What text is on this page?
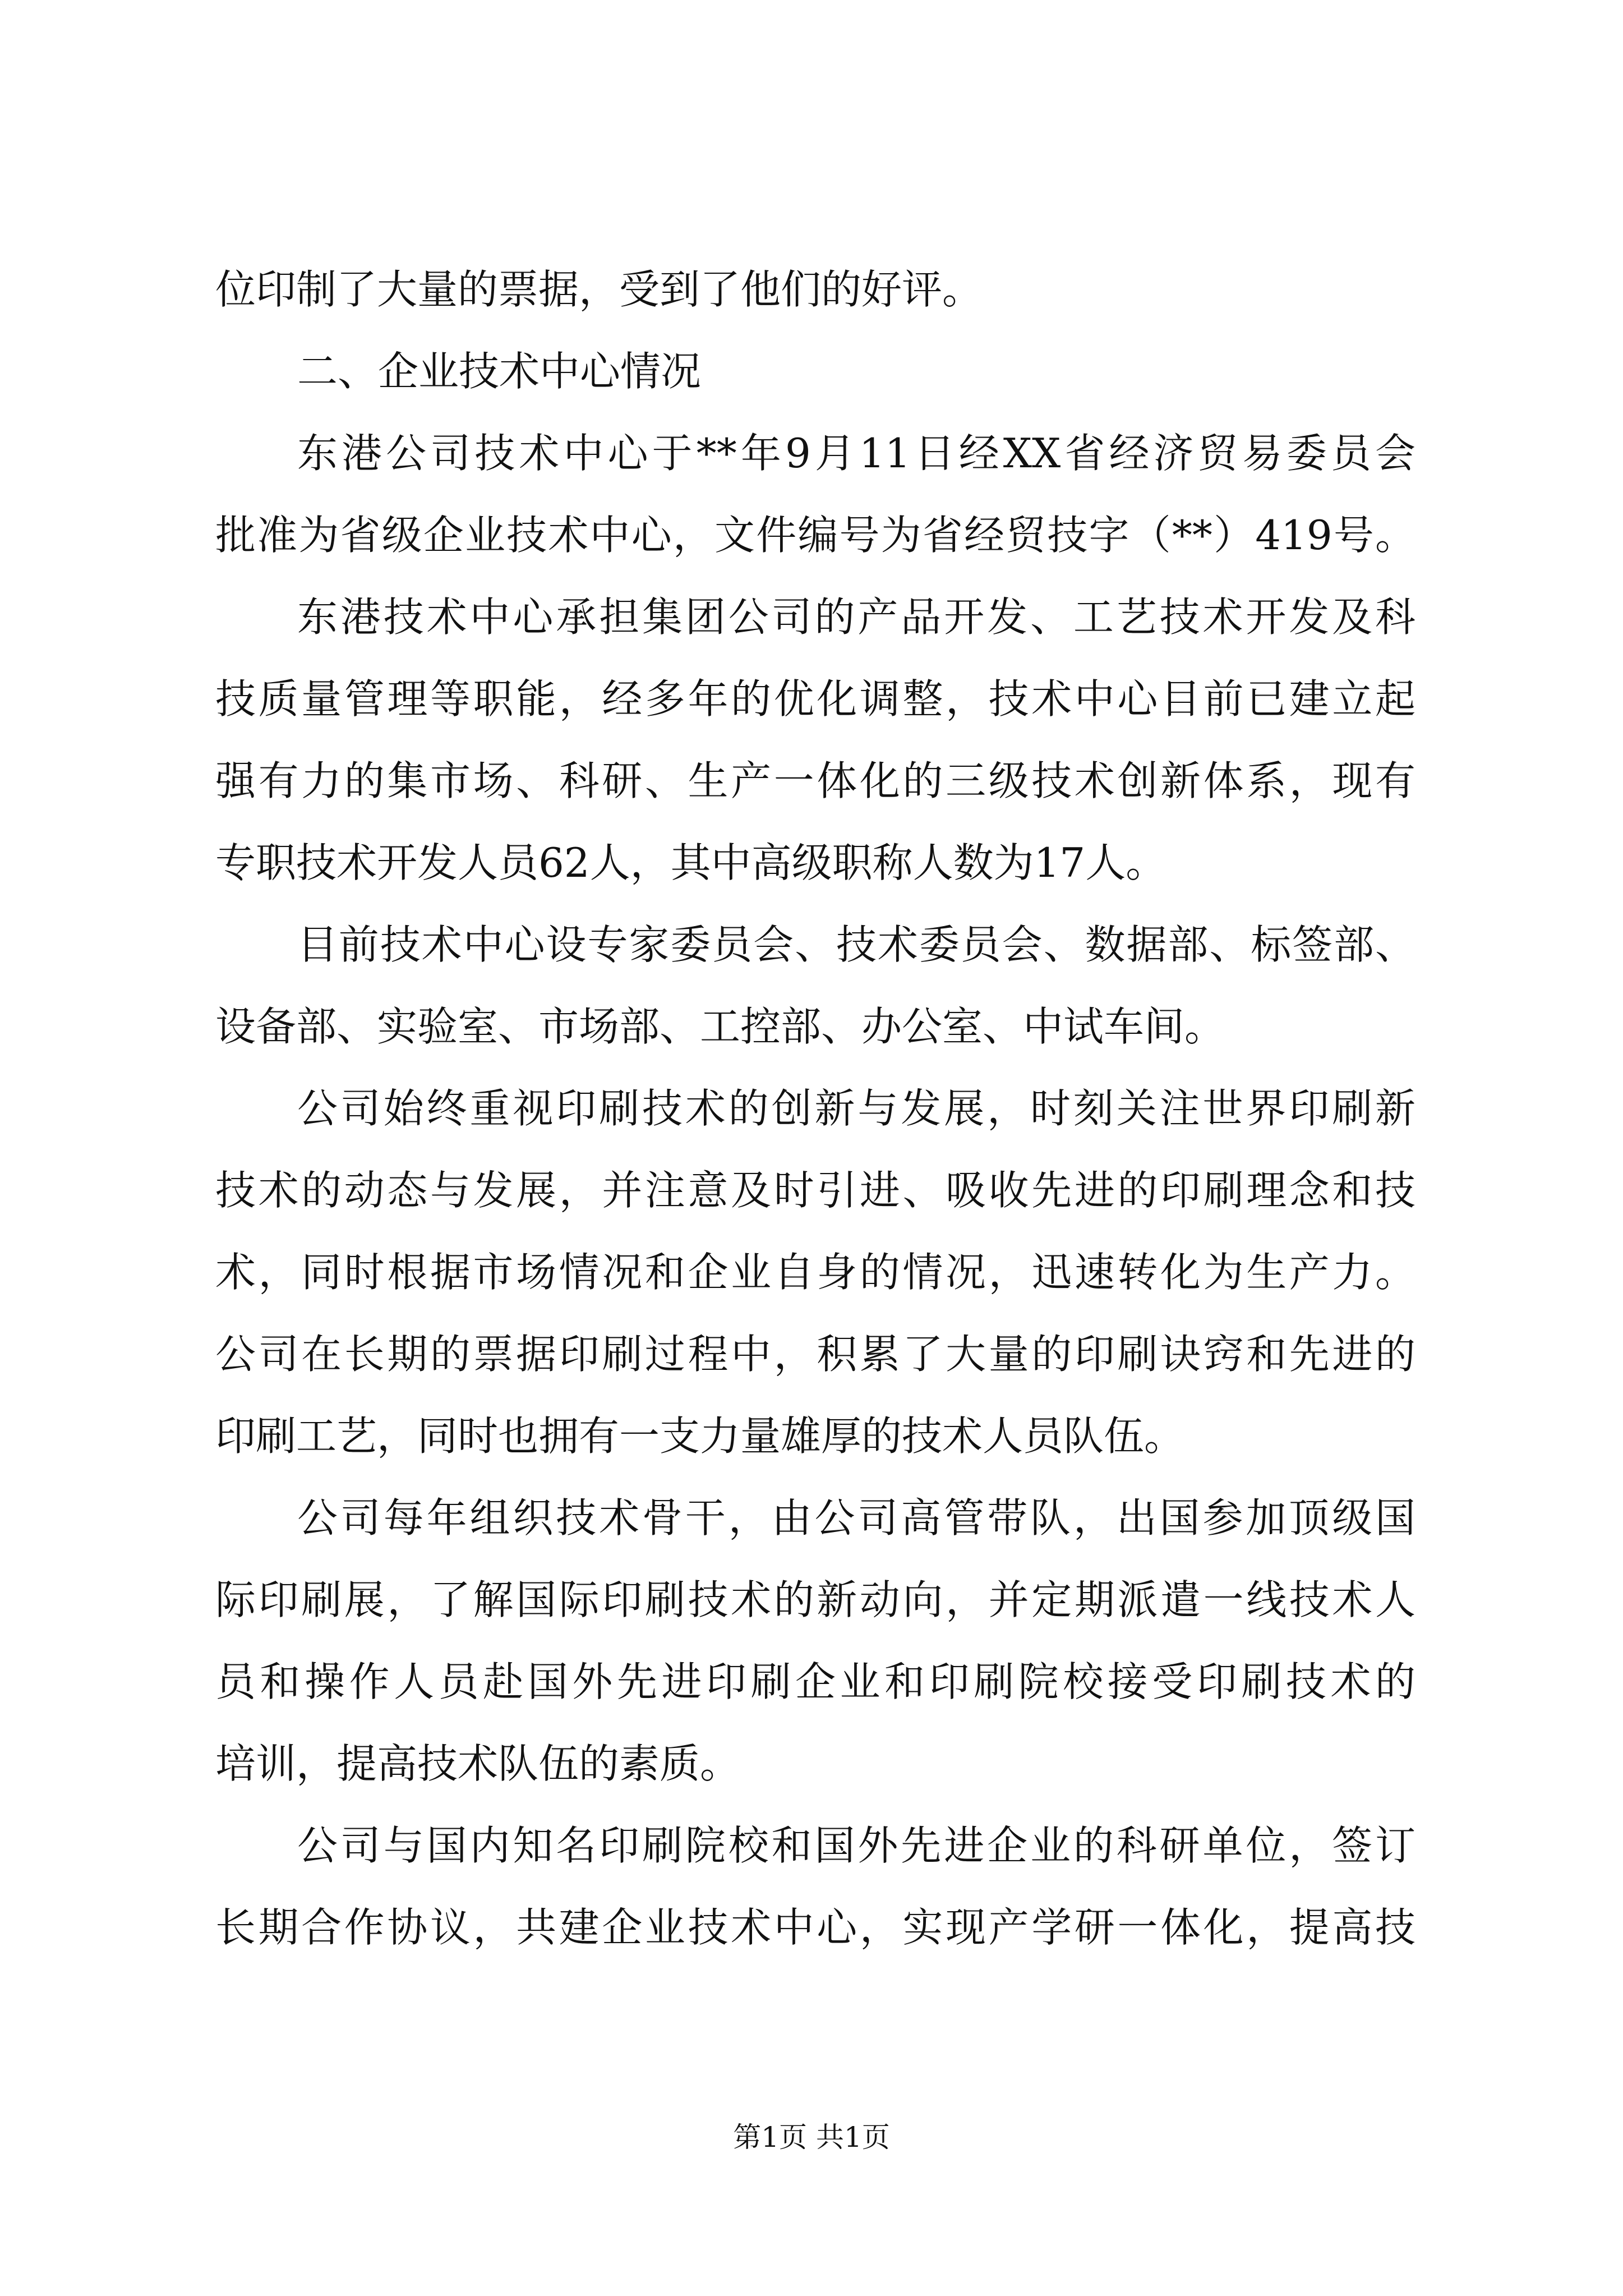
位印制了大量的票据，受到了他们的好评。
二、企业技术中心情况
东港公司技术中心于**年9月11日经XX省经济贸易委员会
批准为省级企业技术中心，文件编号为省经贸技字（**）419号。
东港技术中心承担集团公司的产品开发、工艺技术开发及科
技质量管理等职能，经多年的优化调整，技术中心目前已建立起
强有力的集市场、科研、生产一体化的三级技术创新体系，现有
专职技术开发人员62人，其中高级职称人数为17人。
目前技术中心设专家委员会、技术委员会、数据部、标签部、
设备部、实验室、市场部、工控部、办公室、中试车间。
公司始终重视印刷技术的创新与发展，时刻关注世界印刷新
技术的动态与发展，并注意及时引进、吸收先进的印刷理念和技
术，同时根据市场情况和企业自身的情况，迅速转化为生产力。
公司在长期的票据印刷过程中，积累了大量的印刷诀窍和先进的
印刷工艺，同时也拥有一支力量雄厚的技术人员队伍。
公司每年组织技术骨干，由公司高管带队，出国参加顶级国
际印刷展，了解国际印刷技术的新动向，并定期派遣一线技术人
员和操作人员赴国外先进印刷企业和印刷院校接受印刷技术的
培训，提高技术队伍的素质。
公司与国内知名印刷院校和国外先进企业的科研单位，签订
长期合作协议，共建企业技术中心，实现产学研一体化，提高技
第1页 共1页
